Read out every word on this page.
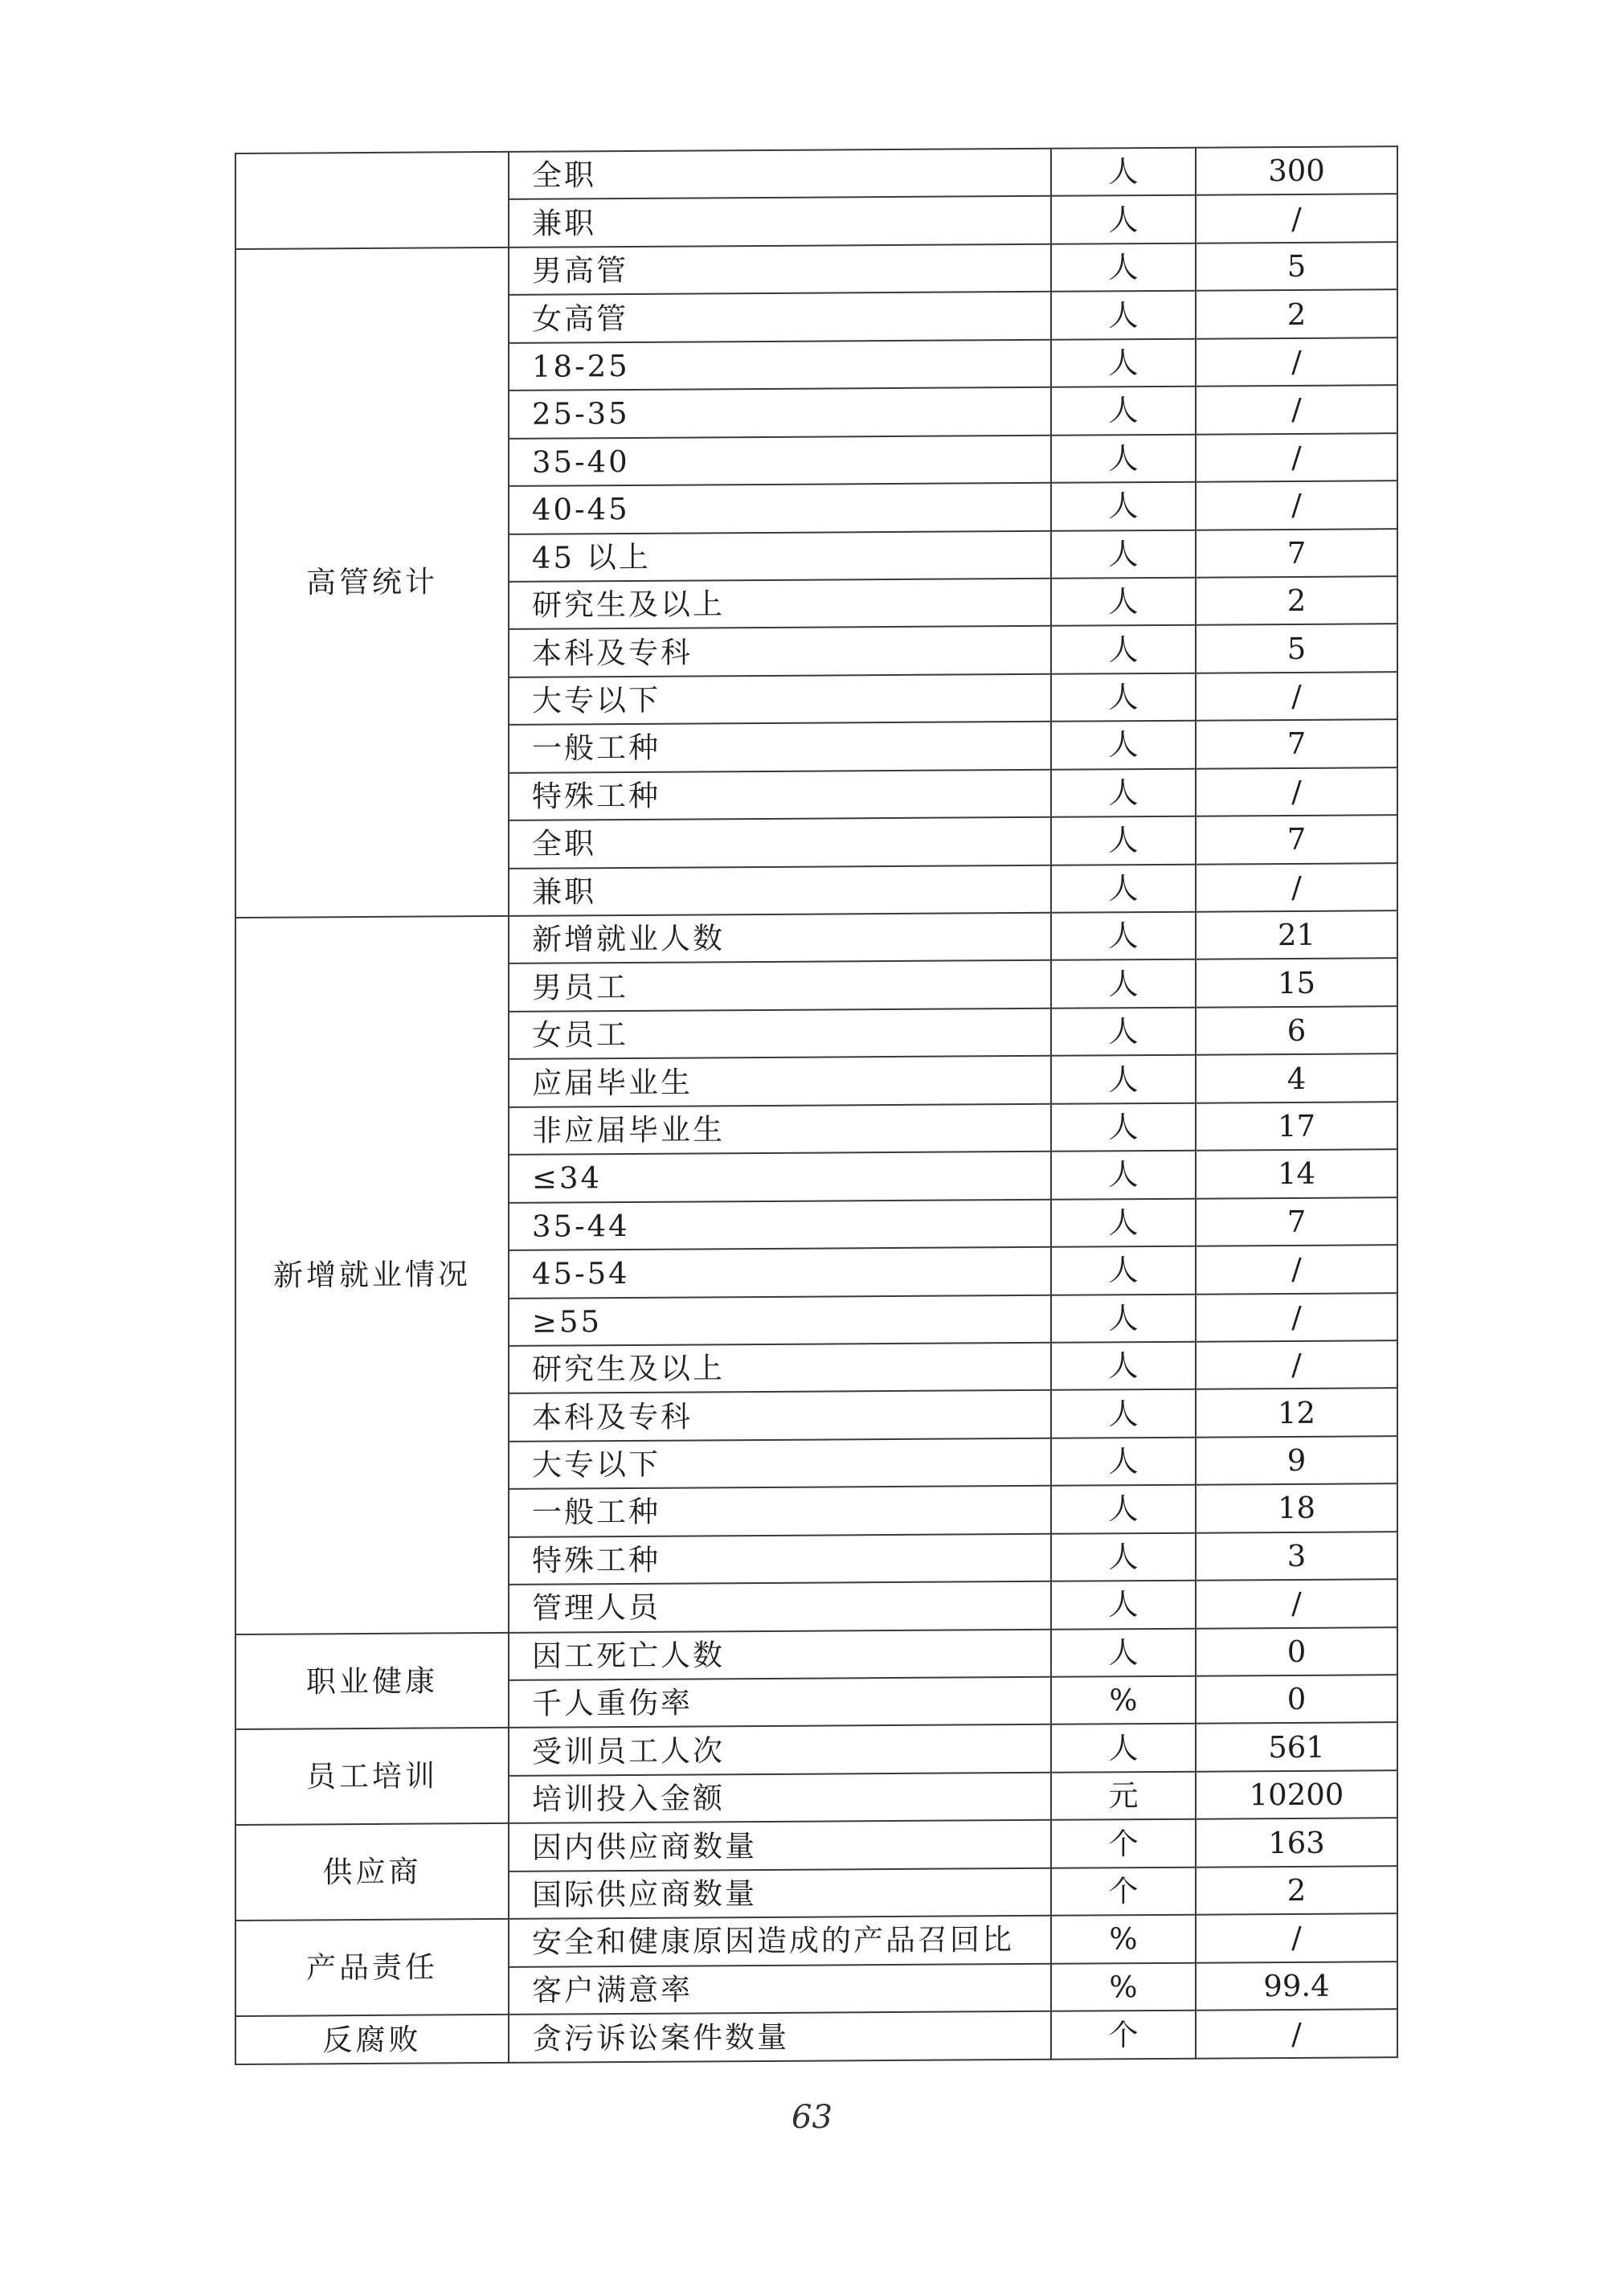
	全职	人	300
	兼职	人	/
高管统计	男高管	人	5
	女高管	人	2
	18-25	人	/
	25-35	人	/
	35-40	人	/
	40-45	人	/
	45 以上	人	7
	研究生及以上	人	2
	本科及专科	人	5
	大专以下	人	/
	一般工种	人	7
	特殊工种	人	/
	全职	人	7
	兼职	人	/
新增就业情况	新增就业人数	人	21
	男员工	人	15
	女员工	人	6
	应届毕业生	人	4
	非应届毕业生	人	17
	≤34	人	14
	35-44	人	7
	45-54	人	/
	≥55	人	/
	研究生及以上	人	/
	本科及专科	人	12
	大专以下	人	9
	一般工种	人	18
	特殊工种	人	3
	管理人员	人	/
职业健康	因工死亡人数	人	0
	千人重伤率	%	0
员工培训	受训员工人次	人	561
	培训投入金额	元	10200
供应商	因内供应商数量	个	163
	国际供应商数量	个	2
产品责任	安全和健康原因造成的产品召回比	%	/
	客户满意率	%	99.4
反腐败	贪污诉讼案件数量	个	/
63
